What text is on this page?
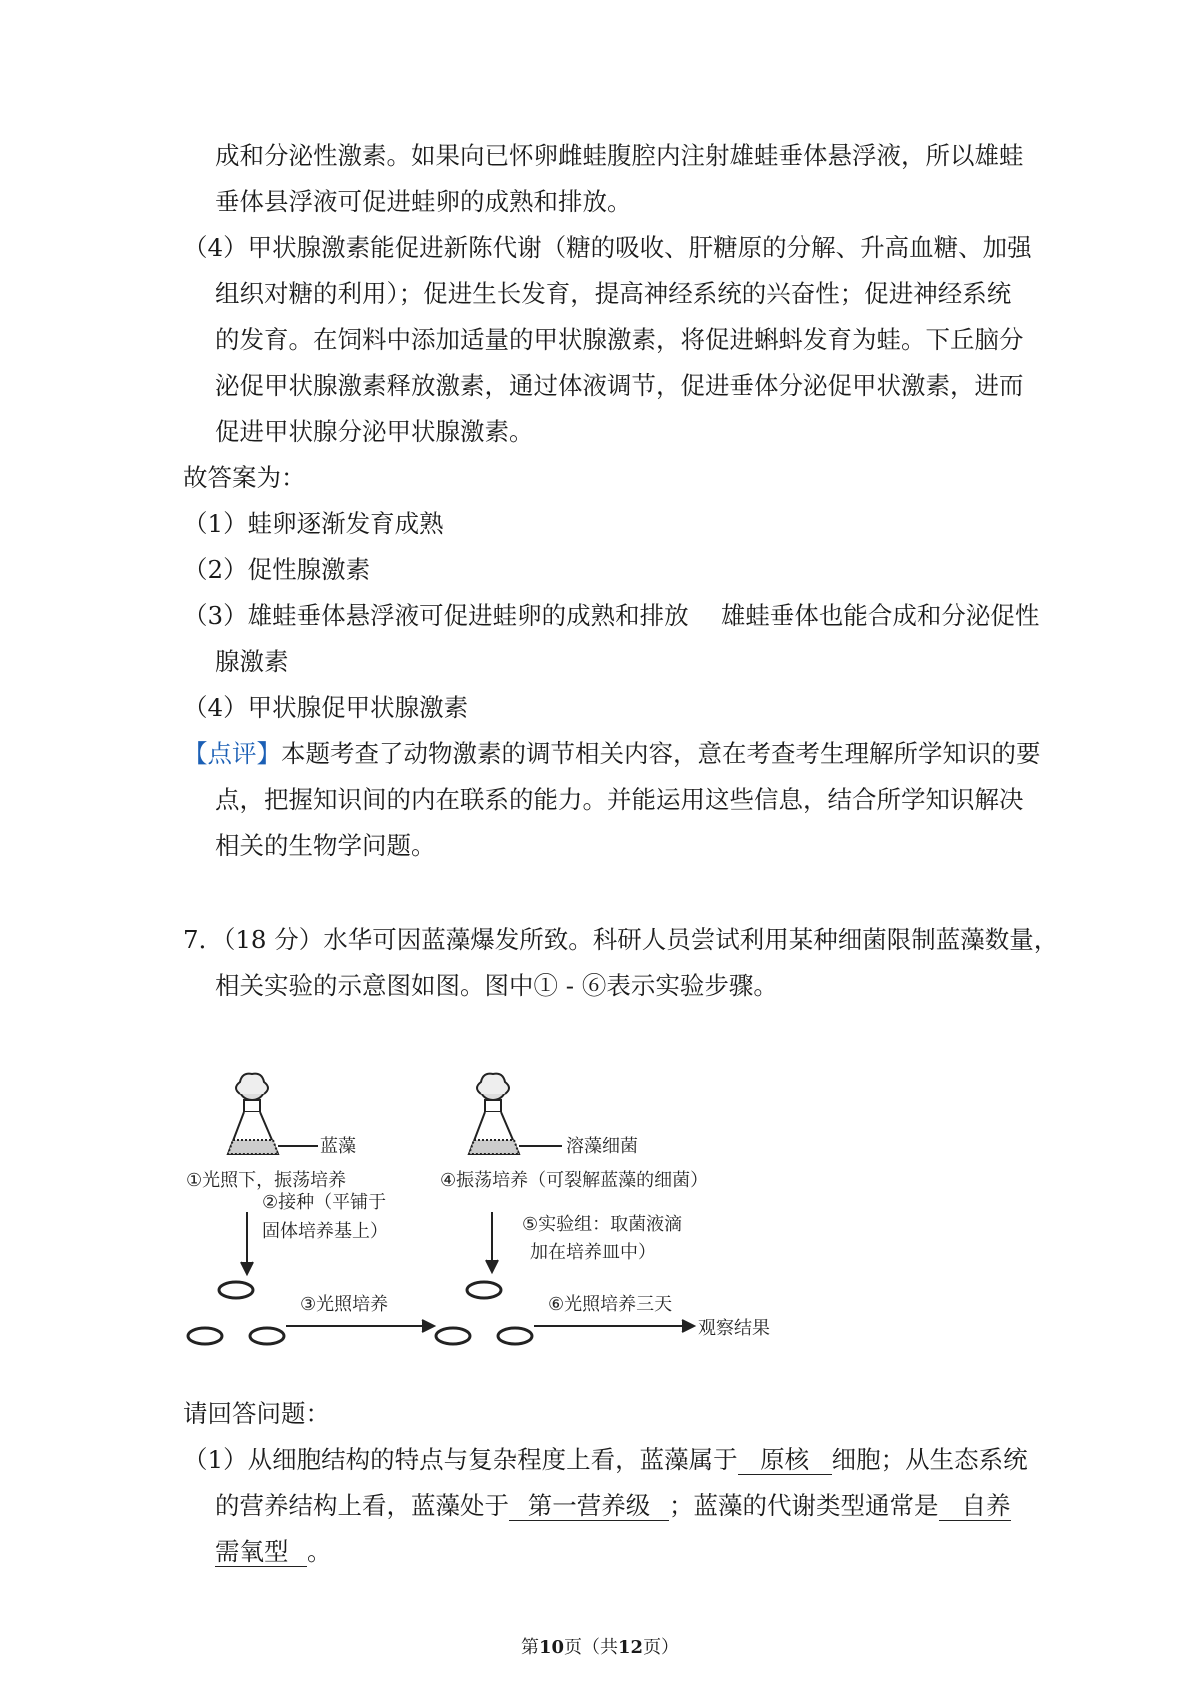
成和分泌性激素。如果向已怀卵雌蛙腹腔内注射雄蛙垂体悬浮液，所以雄蛙
垂体县浮液可促进蛙卵的成熟和排放。
（4）甲状腺激素能促进新陈代谢（糖的吸收、肝糖原的分解、升高血糖、加强
组织对糖的利用）；促进生长发育，提高神经系统的兴奋性；促进神经系统
的发育。在饲料中添加适量的甲状腺激素，将促进蝌蚪发育为蛙。下丘脑分
泌促甲状腺激素释放激素，通过体液调节，促进垂体分泌促甲状激素，进而
促进甲状腺分泌甲状腺激素。
故答案为：
（1）蛙卵逐渐发育成熟
（2）促性腺激素
（3）雄蛙垂体悬浮液可促进蛙卵的成熟和排放　 雄蛙垂体也能合成和分泌促性
腺激素
（4）甲状腺促甲状腺激素
【点评】本题考查了动物激素的调节相关内容，意在考查考生理解所学知识的要
点，把握知识间的内在联系的能力。并能运用这些信息，结合所学知识解决
相关的生物学问题。
7．（18 分）水华可因蓝藻爆发所致。科研人员尝试利用某种细菌限制蓝藻数量，
相关实验的示意图如图。图中① - ⑥表示实验步骤。
蓝藻
①光照下，振荡培养
②接种（平铺于
固体培养基上）
③光照培养
溶藻细菌
④振荡培养（可裂解蓝藻的细菌）
⑤实验组：取菌液滴
加在培养皿中）
⑥光照培养三天
观察结果
请回答问题：
（1）从细胞结构的特点与复杂程度上看，蓝藻属于 原核 细胞；从生态系统
的营养结构上看，蓝藻处于 第一营养级 ；蓝藻的代谢类型通常是 自养
需氧型 。
第10页（共12页）
